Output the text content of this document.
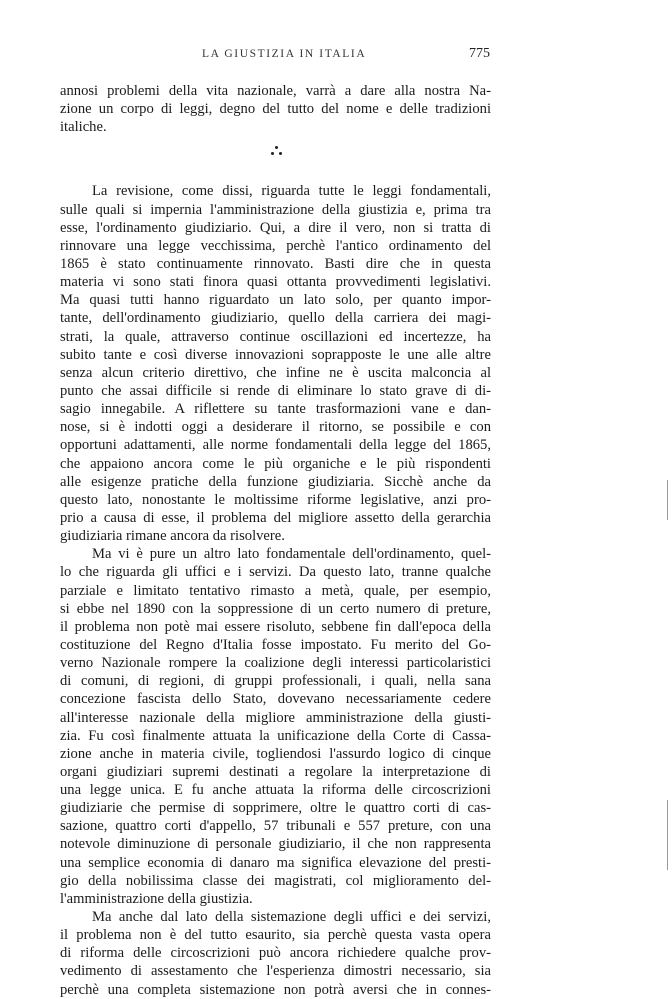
LA GIUSTIZIA IN ITALIA	775
annosi problemi della vita nazionale, varrà a dare alla nostra Na-
zione un corpo di leggi, degno del tutto del nome e delle tradizioni
italiche.
La revisione, come dissi, riguarda tutte le leggi fondamentali,
sulle quali si impernia l'amministrazione della giustizia e, prima tra
esse, l'ordinamento giudiziario. Qui, a dire il vero, non si tratta di
rinnovare una legge vecchissima, perchè l'antico ordinamento del
1865 è stato continuamente rinnovato. Basti dire che in questa
materia vi sono stati finora quasi ottanta provvedimenti legislativi.
Ma quasi tutti hanno riguardato un lato solo, per quanto impor-
tante, dell'ordinamento giudiziario, quello della carriera dei magi-
strati, la quale, attraverso continue oscillazioni ed incertezze, ha
subito tante e così diverse innovazioni soprapposte le une alle altre
senza alcun criterio direttivo, che infine ne è uscita malconcia al
punto che assai difficile si rende di eliminare lo stato grave di di-
sagio innegabile. A riflettere su tante trasformazioni vane e dan-
nose, si è indotti oggi a desiderare il ritorno, se possibile e con
opportuni adattamenti, alle norme fondamentali della legge del 1865,
che appaiono ancora come le più organiche e le più rispondenti
alle esigenze pratiche della funzione giudiziaria. Sicchè anche da
questo lato, nonostante le moltissime riforme legislative, anzi pro-
prio a causa di esse, il problema del migliore assetto della gerarchia
giudiziaria rimane ancora da risolvere.
Ma vi è pure un altro lato fondamentale dell'ordinamento, quel-
lo che riguarda gli uffici e i servizi. Da questo lato, tranne qualche
parziale e limitato tentativo rimasto a metà, quale, per esempio,
si ebbe nel 1890 con la soppressione di un certo numero di preture,
il problema non potè mai essere risoluto, sebbene fin dall'epoca della
costituzione del Regno d'Italia fosse impostato. Fu merito del Go-
verno Nazionale rompere la coalizione degli interessi particolaristici
di comuni, di regioni, di gruppi professionali, i quali, nella sana
concezione fascista dello Stato, dovevano necessariamente cedere
all'interesse nazionale della migliore amministrazione della giusti-
zia. Fu così finalmente attuata la unificazione della Corte di Cassa-
zione anche in materia civile, togliendosi l'assurdo logico di cinque
organi giudiziari supremi destinati a regolare la interpretazione di
una legge unica. E fu anche attuata la riforma delle circoscrizioni
giudiziarie che permise di sopprimere, oltre le quattro corti di cas-
sazione, quattro corti d'appello, 57 tribunali e 557 preture, con una
notevole diminuzione di personale giudiziario, il che non rappresenta
una semplice economia di danaro ma significa elevazione del presti-
gio della nobilissima classe dei magistrati, col miglioramento del-
l'amministrazione della giustizia.
Ma anche dal lato della sistemazione degli uffici e dei servizi,
il problema non è del tutto esaurito, sia perchè questa vasta opera
di riforma delle circoscrizioni può ancora richiedere qualche prov-
vedimento di assestamento che l'esperienza dimostri necessario, sia
perchè una completa sistemazione non potrà aversi che in connes-
